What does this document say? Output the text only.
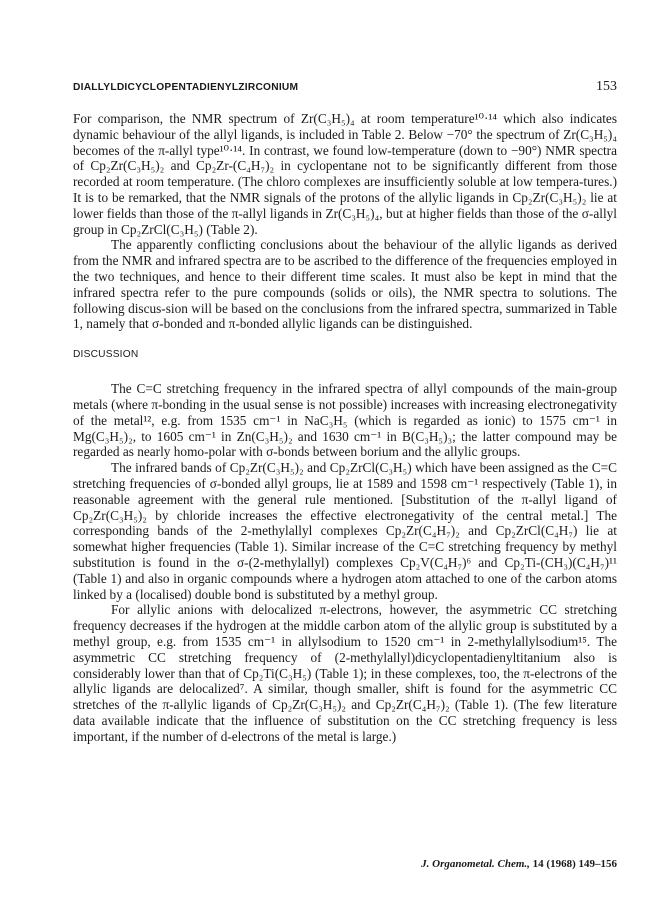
DIALLYLDICYCLOPENTADIENYLZIRCONIUM	153

For comparison, the NMR spectrum of Zr(C₃H₅)₄ at room temperature¹⁰·¹⁴ which also indicates dynamic behaviour of the allyl ligands, is included in Table 2. Below −70° the spectrum of Zr(C₃H₅)₄ becomes of the π-allyl type¹⁰·¹⁴. In contrast, we found low-temperature (down to −90°) NMR spectra of Cp₂Zr(C₃H₅)₂ and Cp₂Zr-(C₄H₇)₂ in cyclopentane not to be significantly different from those recorded at room temperature. (The chloro complexes are insufficiently soluble at low tempera-tures.) It is to be remarked, that the NMR signals of the protons of the allylic ligands in Cp₂Zr(C₃H₅)₂ lie at lower fields than those of the π-allyl ligands in Zr(C₃H₅)₄, but at higher fields than those of the σ-allyl group in Cp₂ZrCl(C₃H₅) (Table 2).

The apparently conflicting conclusions about the behaviour of the allylic ligands as derived from the NMR and infrared spectra are to be ascribed to the difference of the frequencies employed in the two techniques, and hence to their different time scales. It must also be kept in mind that the infrared spectra refer to the pure compounds (solids or oils), the NMR spectra to solutions. The following discus-sion will be based on the conclusions from the infrared spectra, summarized in Table 1, namely that σ-bonded and π-bonded allylic ligands can be distinguished.

DISCUSSION

The C=C stretching frequency in the infrared spectra of allyl compounds of the main-group metals (where π-bonding in the usual sense is not possible) increases with increasing electronegativity of the metal¹², e.g. from 1535 cm⁻¹ in NaC₃H₅ (which is regarded as ionic) to 1575 cm⁻¹ in Mg(C₃H₅)₂, to 1605 cm⁻¹ in Zn(C₃H₅)₂ and 1630 cm⁻¹ in B(C₃H₅)₃; the latter compound may be regarded as nearly homo-polar with σ-bonds between borium and the allylic groups.

The infrared bands of Cp₂Zr(C₃H₅)₂ and Cp₂ZrCl(C₃H₅) which have been assigned as the C=C stretching frequencies of σ-bonded allyl groups, lie at 1589 and 1598 cm⁻¹ respectively (Table 1), in reasonable agreement with the general rule mentioned. [Substitution of the π-allyl ligand of Cp₂Zr(C₃H₅)₂ by chloride increases the effective electronegativity of the central metal.] The corresponding bands of the 2-methylallyl complexes Cp₂Zr(C₄H₇)₂ and Cp₂ZrCl(C₄H₇) lie at somewhat higher frequencies (Table 1). Similar increase of the C=C stretching frequency by methyl substitution is found in the σ-(2-methylallyl) complexes Cp₂V(C₄H₇)⁶ and Cp₂Ti-(CH₃)(C₄H₇)¹¹ (Table 1) and also in organic compounds where a hydrogen atom attached to one of the carbon atoms linked by a (localised) double bond is substituted by a methyl group.

For allylic anions with delocalized π-electrons, however, the asymmetric CC stretching frequency decreases if the hydrogen at the middle carbon atom of the allylic group is substituted by a methyl group, e.g. from 1535 cm⁻¹ in allylsodium to 1520 cm⁻¹ in 2-methylallylsodium¹⁵. The asymmetric CC stretching frequency of (2-methylallyl)dicyclopentadienyltitanium also is considerably lower than that of Cp₂Ti(C₃H₅) (Table 1); in these complexes, too, the π-electrons of the allylic ligands are delocalized⁷. A similar, though smaller, shift is found for the asymmetric CC stretches of the π-allylic ligands of Cp₂Zr(C₃H₅)₂ and Cp₂Zr(C₄H₇)₂ (Table 1). (The few literature data available indicate that the influence of substitution on the CC stretching frequency is less important, if the number of d-electrons of the metal is large.)

J. Organometal. Chem., 14 (1968) 149–156
